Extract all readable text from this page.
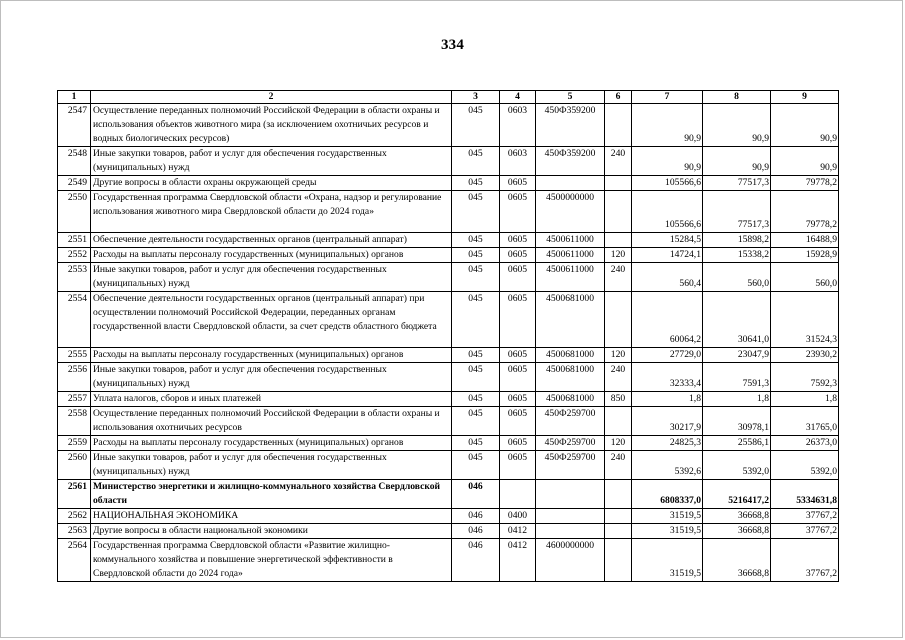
334
1	2	3	4	5	6	7	8	9
2547	Осуществление переданных полномочий Российской Федерации в области охраны и использования объектов животного мира (за исключением охотничьих ресурсов и водных биологических ресурсов)	045	0603	450Ф359200		90,9	90,9	90,9
2548	Иные закупки товаров, работ и услуг для обеспечения государственных (муниципальных) нужд	045	0603	450Ф359200	240	90,9	90,9	90,9
2549	Другие вопросы в области охраны окружающей среды	045	0605			105566,6	77517,3	79778,2
2550	Государственная программа Свердловской области «Охрана, надзор и регулирование использования животного мира Свердловской области до 2024 года»	045	0605	4500000000		105566,6	77517,3	79778,2
2551	Обеспечение деятельности государственных органов (центральный аппарат)	045	0605	4500611000		15284,5	15898,2	16488,9
2552	Расходы на выплаты персоналу государственных (муниципальных) органов	045	0605	4500611000	120	14724,1	15338,2	15928,9
2553	Иные закупки товаров, работ и услуг для обеспечения государственных (муниципальных) нужд	045	0605	4500611000	240	560,4	560,0	560,0
2554	Обеспечение деятельности государственных органов (центральный аппарат) при осуществлении полномочий Российской Федерации, переданных органам государственной власти Свердловской области, за счет средств областного бюджета	045	0605	4500681000		60064,2	30641,0	31524,3
2555	Расходы на выплаты персоналу государственных (муниципальных) органов	045	0605	4500681000	120	27729,0	23047,9	23930,2
2556	Иные закупки товаров, работ и услуг для обеспечения государственных (муниципальных) нужд	045	0605	4500681000	240	32333,4	7591,3	7592,3
2557	Уплата налогов, сборов и иных платежей	045	0605	4500681000	850	1,8	1,8	1,8
2558	Осуществление переданных полномочий Российской Федерации в области охраны и использования охотничьих ресурсов	045	0605	450Ф259700		30217,9	30978,1	31765,0
2559	Расходы на выплаты персоналу государственных (муниципальных) органов	045	0605	450Ф259700	120	24825,3	25586,1	26373,0
2560	Иные закупки товаров, работ и услуг для обеспечения государственных (муниципальных) нужд	045	0605	450Ф259700	240	5392,6	5392,0	5392,0
2561	Министерство энергетики и жилищно-коммунального хозяйства Свердловской области	046				6808337,0	5216417,2	5334631,8
2562	НАЦИОНАЛЬНАЯ ЭКОНОМИКА	046	0400			31519,5	36668,8	37767,2
2563	Другие вопросы в области национальной экономики	046	0412			31519,5	36668,8	37767,2
2564	Государственная программа Свердловской области «Развитие жилищно-коммунального хозяйства и повышение энергетической эффективности в Свердловской области до 2024 года»	046	0412	4600000000		31519,5	36668,8	37767,2
